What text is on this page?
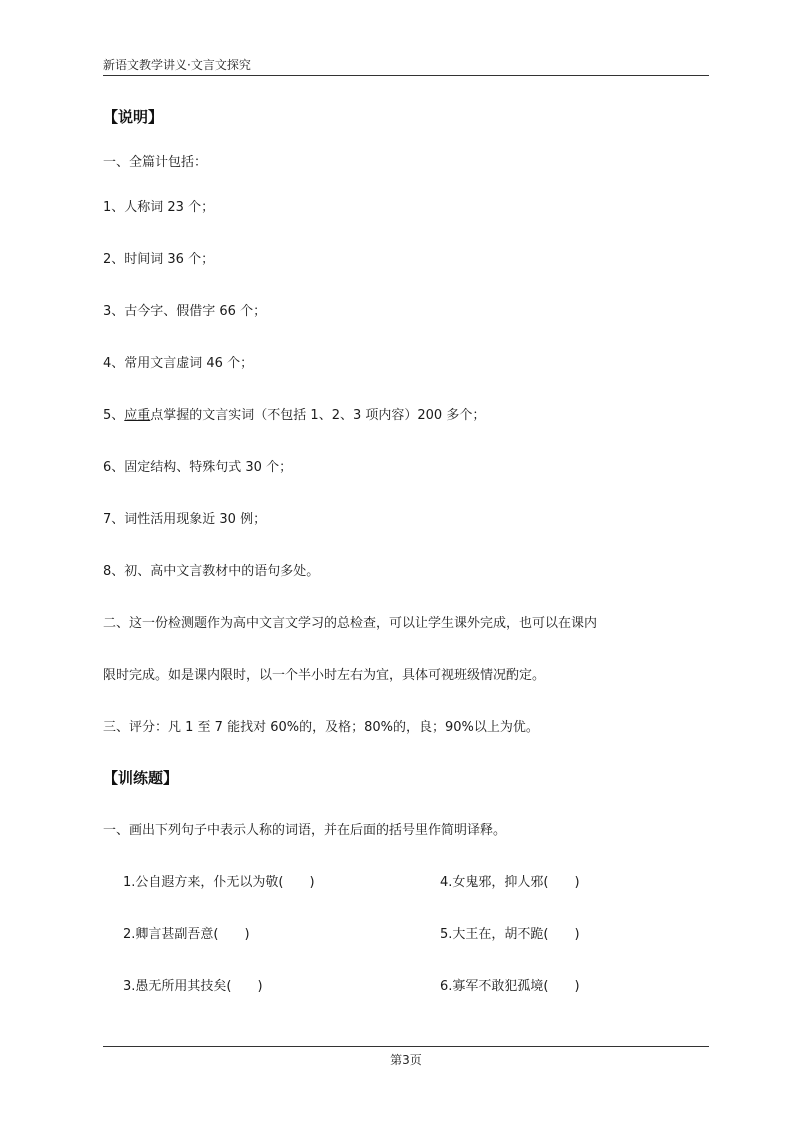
新语文教学讲义·文言文探究
【说明】
一、全篇计包括：
1、人称词 23 个；
2、时间词 36 个；
3、古今字、假借字 66 个；
4、常用文言虚词 46 个；
5、应重点掌握的文言实词（不包括 1、2、3 项内容）200 多个；
6、固定结构、特殊句式 30 个；
7、词性活用现象近 30 例；
8、初、高中文言教材中的语句多处。
二、这一份检测题作为高中文言文学习的总检查，可以让学生课外完成，也可以在课内
限时完成。如是课内限时，以一个半小时左右为宜，具体可视班级情况酌定。
三、评分：凡 1 至 7 能找对 60%的，及格；80%的，良；90%以上为优。
【训练题】
一、画出下列句子中表示人称的词语，并在后面的括号里作简明译释。
1.公自遐方来，仆无以为敬(　　)	4.女鬼邪，抑人邪(　　)
2.卿言甚副吾意(　　)	5.大王在，胡不跪(　　)
3.愚无所用其技矣(　　)	6.寡军不敢犯孤境(　　)
第3页
